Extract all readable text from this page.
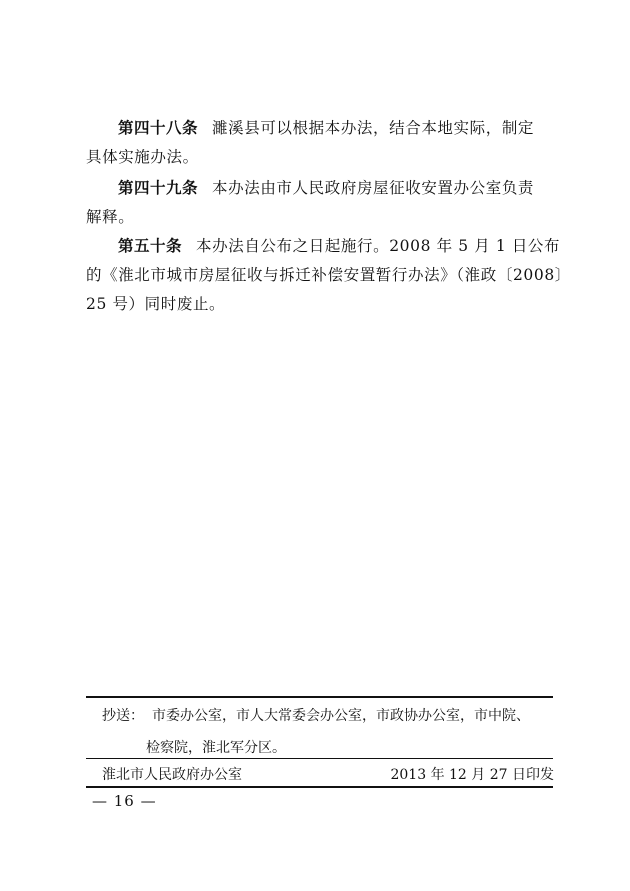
第四十八条 濉溪县可以根据本办法，结合本地实际，制定
具体实施办法。
第四十九条 本办法由市人民政府房屋征收安置办公室负责
解释。
第五十条 本办法自公布之日起施行。2008 年 5 月 1 日公布
的《淮北市城市房屋征收与拆迁补偿安置暂行办法》（淮政〔2008〕
25 号）同时废止。
抄送： 市委办公室，市人大常委会办公室，市政协办公室，市中院、
检察院，淮北军分区。
淮北市人民政府办公室	2013 年 12 月 27 日印发
— 16 —
